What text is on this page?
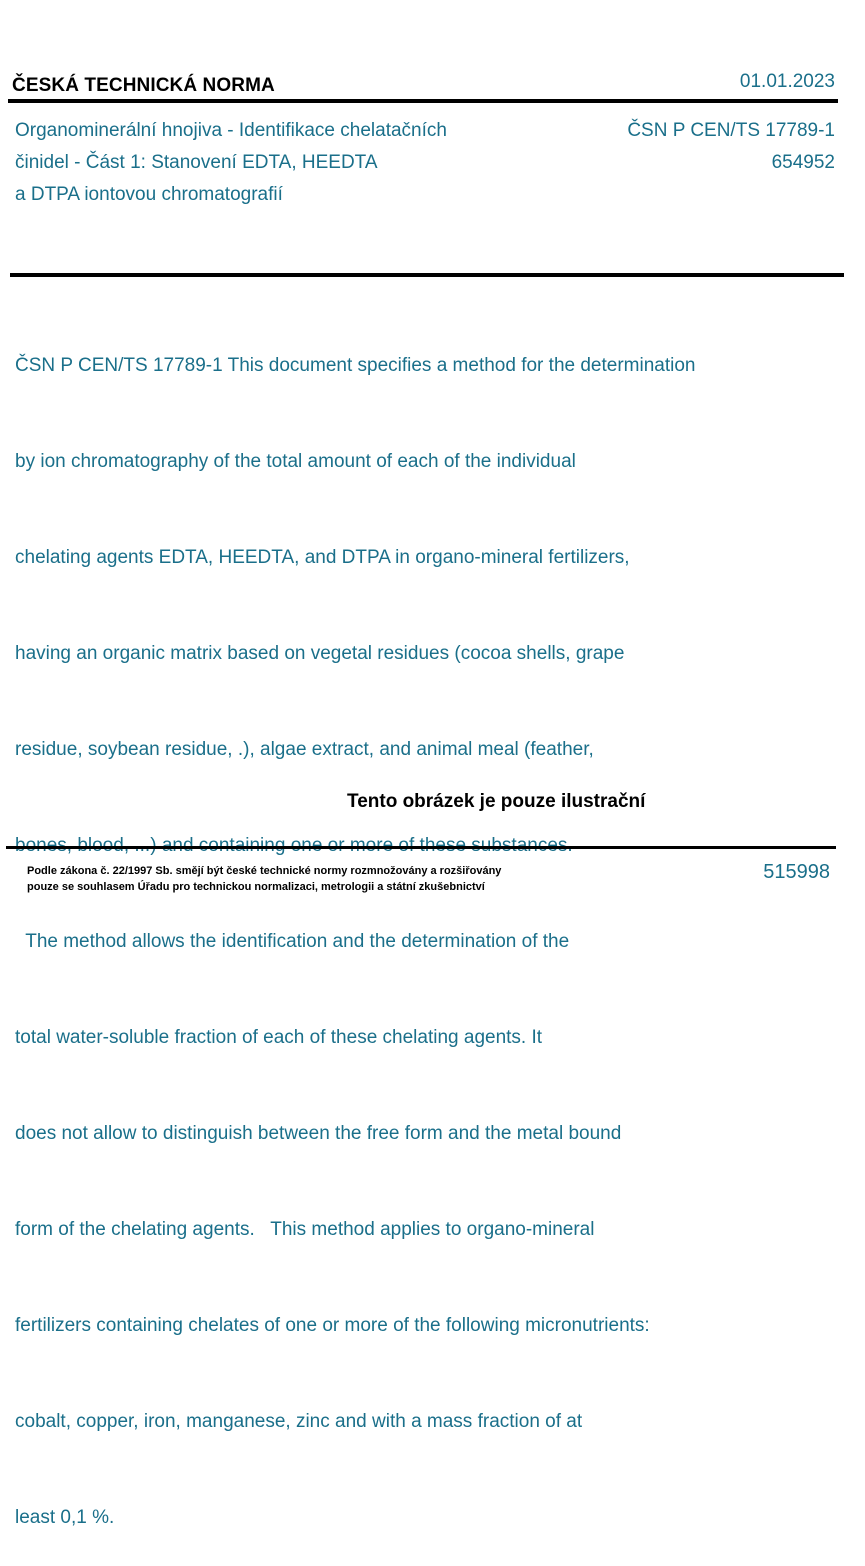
ČESKÁ TECHNICKÁ NORMA	01.01.2023
Organominerální hnojiva - Identifikace chelatačních
činidel - Část 1: Stanovení EDTA, HEEDTA
a DTPA iontovou chromatografií
ČSN P CEN/TS 17789-1
654952

ČSN P CEN/TS 17789-1 This document specifies a method for the determination

by ion chromatography of the total amount of each of the individual

chelating agents EDTA, HEEDTA, and DTPA in organo-mineral fertilizers,

having an organic matrix based on vegetal residues (cocoa shells, grape

residue, soybean residue, .), algae extract, and animal meal (feather,

The method allows the identification and the determination of the

total water-soluble fraction of each of these chelating agents. It

does not allow to distinguish between the free form and the metal bound

form of the chelating agents.   This method applies to organo-mineral

fertilizers containing chelates of one or more of the following micronutrients:

cobalt, copper, iron, manganese, zinc and with a mass fraction of at

least 0,1 %.

Tento obrázek je pouze ilustrační
Podle zákona č. 22/1997 Sb. smějí být české technické normy rozmnožovány a rozšiřovány
pouze se souhlasem Úřadu pro technickou normalizaci, metrologii a státní zkušebnictví
515998
